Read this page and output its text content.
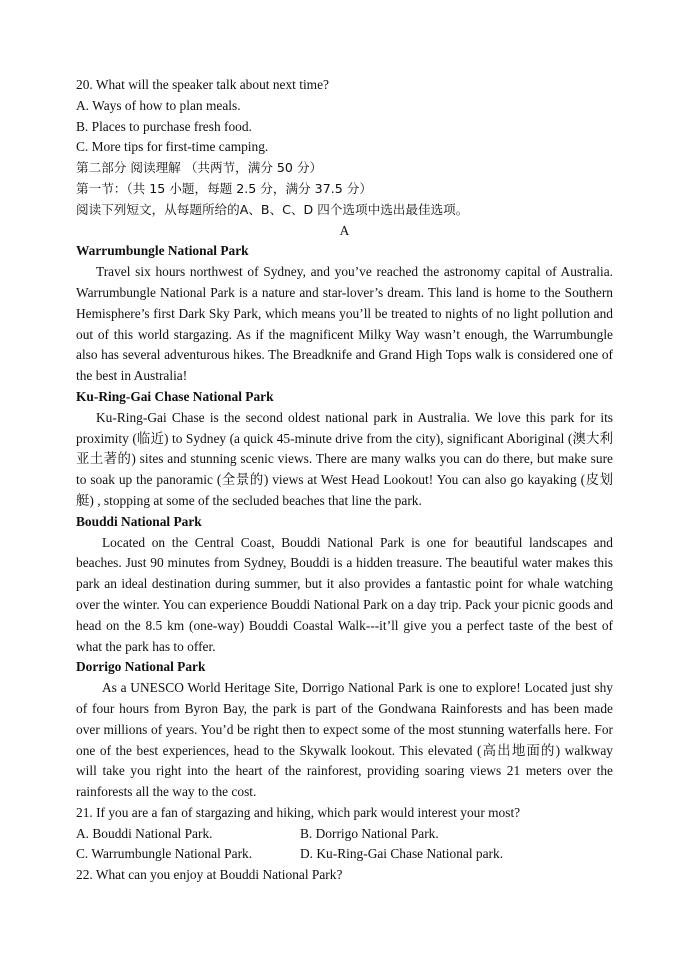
20. What will the speaker talk about next time?
A. Ways of how to plan meals.
B. Places to purchase fresh food.
C. More tips for first-time camping.
第二部分 阅读理解 （共两节，满分 50 分）
第一节：（共 15 小题，每题 2.5 分，满分 37.5 分）
阅读下列短文，从每题所给的A、B、C、D 四个选项中选出最佳选项。
A
Warrumbungle National Park
Travel six hours northwest of Sydney, and you’ve reached the astronomy capital of Australia. Warrumbungle National Park is a nature and star-lover’s dream. This land is home to the Southern Hemisphere’s first Dark Sky Park, which means you’ll be treated to nights of no light pollution and out of this world stargazing. As if the magnificent Milky Way wasn’t enough, the Warrumbungle also has several adventurous hikes. The Breadknife and Grand High Tops walk is considered one of the best in Australia!
Ku-Ring-Gai Chase National Park
Ku-Ring-Gai Chase is the second oldest national park in Australia. We love this park for its proximity (临近) to Sydney (a quick 45-minute drive from the city), significant Aboriginal (澳大利亚土著的) sites and stunning scenic views. There are many walks you can do there, but make sure to soak up the panoramic (全景的) views at West Head Lookout! You can also go kayaking (皮划艇) , stopping at some of the secluded beaches that line the park.
Bouddi National Park
Located on the Central Coast, Bouddi National Park is one for beautiful landscapes and beaches. Just 90 minutes from Sydney, Bouddi is a hidden treasure. The beautiful water makes this park an ideal destination during summer, but it also provides a fantastic point for whale watching over the winter. You can experience Bouddi National Park on a day trip. Pack your picnic goods and head on the 8.5 km (one-way) Bouddi Coastal Walk---it’ll give you a perfect taste of the best of what the park has to offer.
Dorrigo National Park
As a UNESCO World Heritage Site, Dorrigo National Park is one to explore! Located just shy of four hours from Byron Bay, the park is part of the Gondwana Rainforests and has been made over millions of years. You’d be right then to expect some of the most stunning waterfalls here. For one of the best experiences, head to the Skywalk lookout. This elevated (高出地面的) walkway will take you right into the heart of the rainforest, providing soaring views 21 meters over the rainforests all the way to the cost.
21. If you are a fan of stargazing and hiking, which park would interest your most?
A. Bouddi National Park.	B. Dorrigo National Park.
C. Warrumbungle National Park.	D. Ku-Ring-Gai Chase National park.
22. What can you enjoy at Bouddi National Park?
